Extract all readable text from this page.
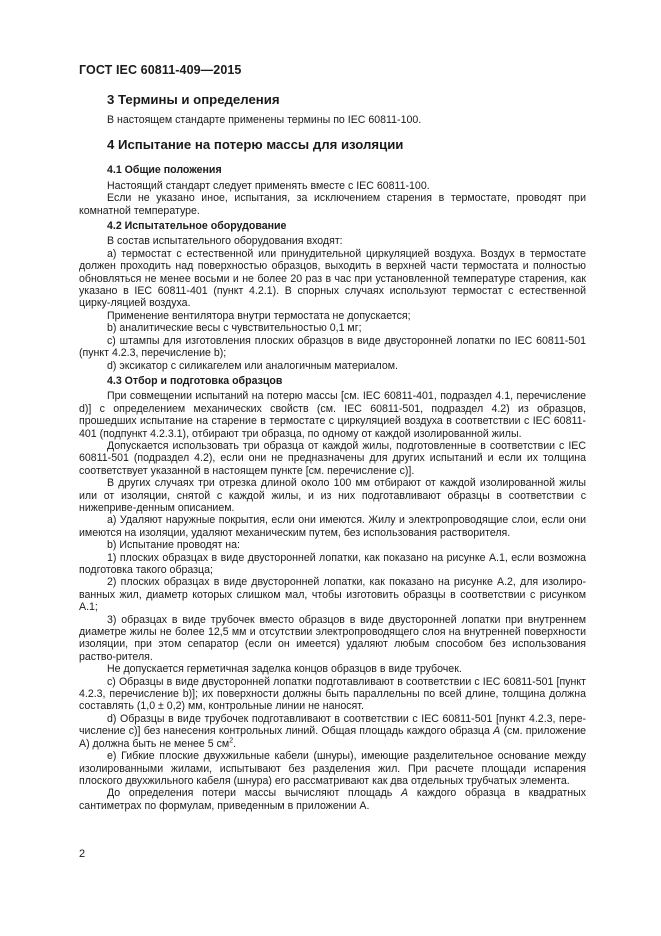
ГОСТ IEC 60811-409—2015
3 Термины и определения

В настоящем стандарте применены термины по IEC 60811-100.

4 Испытание на потерю массы для изоляции
4.1 Общие положения

Настоящий стандарт следует применять вместе с IEC 60811-100.

Если не указано иное, испытания, за исключением старения в термостате, проводят при комнатной температуре.

4.2 Испытательное оборудование

В состав испытательного оборудования входят:

a) термостат с естественной или принудительной циркуляцией воздуха. Воздух в термостате должен проходить над поверхностью образцов, выходить в верхней части термостата и полностью обновляться не менее восьми и не более 20 раз в час при установленной температуре старения, как указано в IEC 60811-401 (пункт 4.2.1). В спорных случаях используют термостат с естественной цирку-ляцией воздуха.

Применение вентилятора внутри термостата не допускается;

b) аналитические весы с чувствительностью 0,1 мг;

c) штампы для изготовления плоских образцов в виде двусторонней лопатки по IEC 60811-501 (пункт 4.2.3, перечисление b);

d) эксикатор с силикагелем или аналогичным материалом.

4.3 Отбор и подготовка образцов

При совмещении испытаний на потерю массы [см. IEC 60811-401, подраздел 4.1, перечисление d)] с определением механических свойств (см. IEC 60811-501, подраздел 4.2) из образцов, прошедших испытание на старение в термостате с циркуляцией воздуха в соответствии с IEC 60811-401 (подпункт 4.2.3.1), отбирают три образца, по одному от каждой изолированной жилы.

Допускается использовать три образца от каждой жилы, подготовленные в соответствии с IEC 60811-501 (подраздел 4.2), если они не предназначены для других испытаний и если их толщина соответствует указанной в настоящем пункте [см. перечисление c)].

В других случаях три отрезка длиной около 100 мм отбирают от каждой изолированной жилы или от изоляции, снятой с каждой жилы, и из них подготавливают образцы в соответствии с нижеприве-денным описанием.

a) Удаляют наружные покрытия, если они имеются. Жилу и электропроводящие слои, если они имеются на изоляции, удаляют механическим путем, без использования растворителя.

b) Испытание проводят на:

1) плоских образцах в виде двусторонней лопатки, как показано на рисунке A.1, если возможна подготовка такого образца;

2) плоских образцах в виде двусторонней лопатки, как показано на рисунке A.2, для изолиро-ванных жил, диаметр которых слишком мал, чтобы изготовить образцы в соответствии с рисунком A.1;

3) образцах в виде трубочек вместо образцов в виде двусторонней лопатки при внутреннем диаметре жилы не более 12,5 мм и отсутствии электропроводящего слоя на внутренней поверхности изоляции, при этом сепаратор (если он имеется) удаляют любым способом без использования раство-рителя.

Не допускается герметичная заделка концов образцов в виде трубочек.

c) Образцы в виде двусторонней лопатки подготавливают в соответствии с IEC 60811-501 [пункт 4.2.3, перечисление b)]; их поверхности должны быть параллельны по всей длине, толщина должна составлять (1,0 ± 0,2) мм, контрольные линии не наносят.

d) Образцы в виде трубочек подготавливают в соответствии с IEC 60811-501 [пункт 4.2.3, пере-числение c)] без нанесения контрольных линий. Общая площадь каждого образца A (см. приложение A) должна быть не менее 5 $см^2$.

e) Гибкие плоские двухжильные кабели (шнуры), имеющие разделительное основание между изолированными жилами, испытывают без разделения жил. При расчете площади испарения плоского двухжильного кабеля (шнура) его рассматривают как два отдельных трубчатых элемента.

До определения потери массы вычисляют площадь A каждого образца в квадратных сантиметрах по формулам, приведенным в приложении A.

2
